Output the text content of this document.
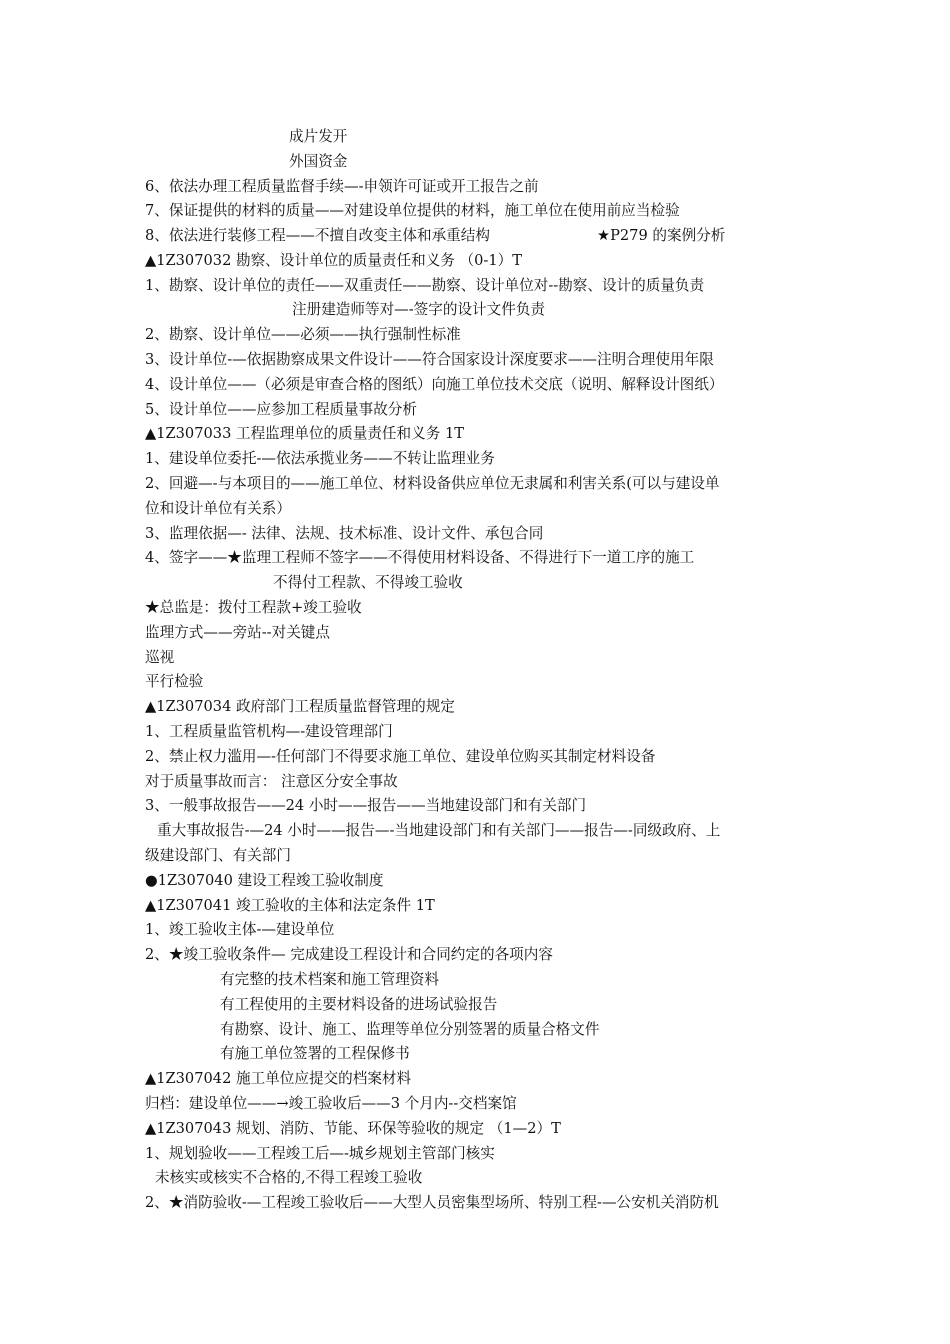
成片发开
外国资金
6、依法办理工程质量监督手续—-申领许可证或开工报告之前
7、保证提供的材料的质量——对建设单位提供的材料，施工单位在使用前应当检验
8、依法进行装修工程——不擅自改变主体和承重结构	★P279 的案例分析
▲1Z307032 勘察、设计单位的质量责任和义务 （0-1）T
1、勘察、设计单位的责任——双重责任——勘察、设计单位对--勘察、设计的质量负责
注册建造师等对—-签字的设计文件负责
2、勘察、设计单位——必须——执行强制性标准
3、设计单位-—依据勘察成果文件设计——符合国家设计深度要求——注明合理使用年限
4、设计单位——（必须是审查合格的图纸）向施工单位技术交底（说明、解释设计图纸）
5、设计单位——应参加工程质量事故分析
▲1Z307033 工程监理单位的质量责任和义务 1T
1、建设单位委托-—依法承揽业务——不转让监理业务
2、回避—-与本项目的——施工单位、材料设备供应单位无隶属和利害关系(可以与建设单
位和设计单位有关系）
3、监理依据—- 法律、法规、技术标准、设计文件、承包合同
4、签字——★监理工程师不签字——不得使用材料设备、不得进行下一道工序的施工
不得付工程款、不得竣工验收
★总监是：拨付工程款+竣工验收
监理方式——旁站--对关键点
巡视
平行检验
▲1Z307034 政府部门工程质量监督管理的规定
1、工程质量监管机构—-建设管理部门
2、禁止权力滥用—-任何部门不得要求施工单位、建设单位购买其制定材料设备
对于质量事故而言： 注意区分安全事故
3、一般事故报告——24 小时——报告——当地建设部门和有关部门
重大事故报告-—24 小时——报告—-当地建设部门和有关部门——报告—-同级政府、上
级建设部门、有关部门
●1Z307040 建设工程竣工验收制度
▲1Z307041 竣工验收的主体和法定条件 1T
1、竣工验收主体-—建设单位
2、★竣工验收条件— 完成建设工程设计和合同约定的各项内容
有完整的技术档案和施工管理资料
有工程使用的主要材料设备的进场试验报告
有勘察、设计、施工、监理等单位分别签署的质量合格文件
有施工单位签署的工程保修书
▲1Z307042 施工单位应提交的档案材料
归档：建设单位——→竣工验收后——3 个月内--交档案馆
▲1Z307043 规划、消防、节能、环保等验收的规定 （1—2）T
1、规划验收——工程竣工后—-城乡规划主管部门核实
未核实或核实不合格的,不得工程竣工验收
2、★消防验收-—工程竣工验收后——大型人员密集型场所、特别工程-—公安机关消防机
